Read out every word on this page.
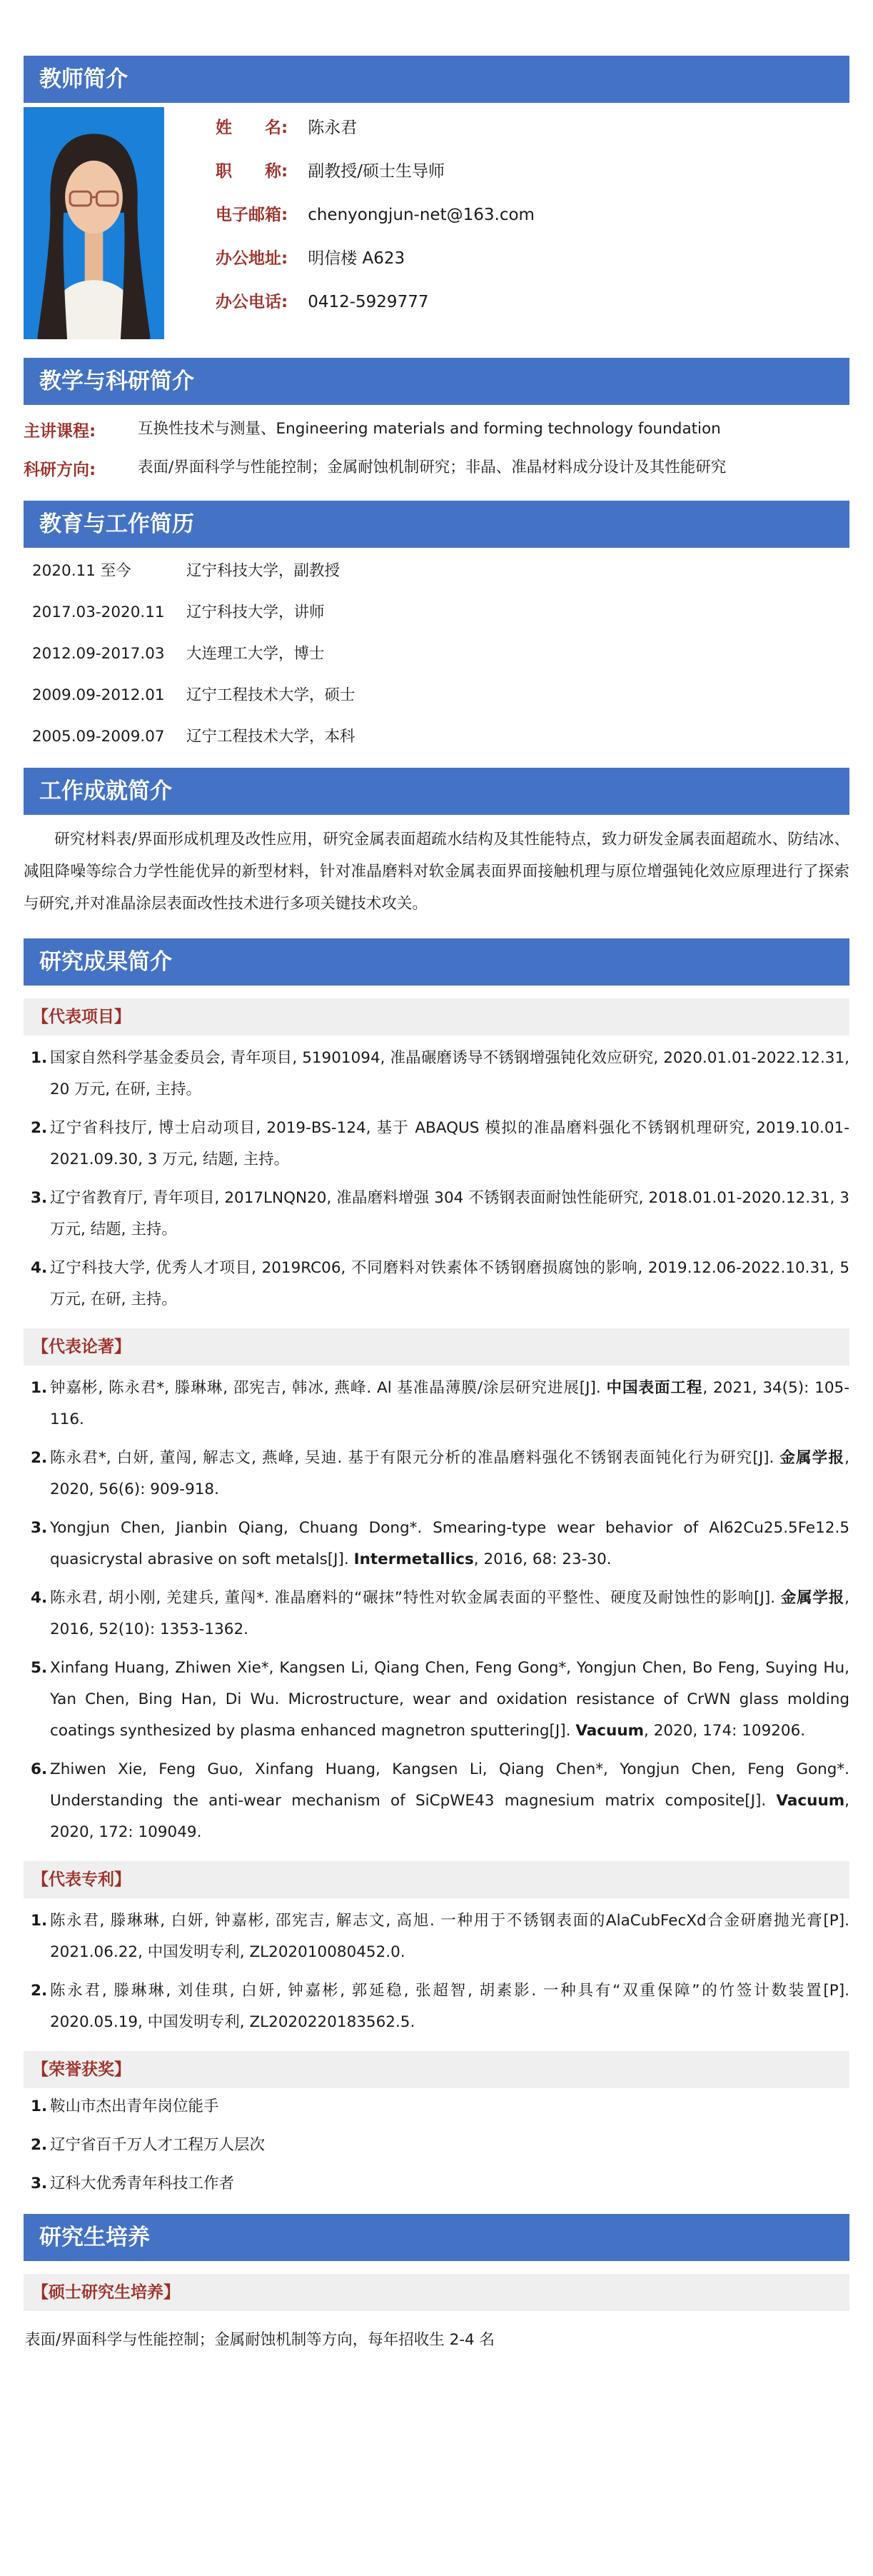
教师简介
姓　　名: 陈永君
职　　称: 副教授/硕士生导师
电子邮箱: chenyongjun-net@163.com
办公地址: 明信楼 A623
办公电话: 0412-5929777
教学与科研简介
主讲课程:	互换性技术与测量、Engineering materials and forming technology foundation
科研方向:	表面/界面科学与性能控制；金属耐蚀机制研究；非晶、准晶材料成分设计及其性能研究
教育与工作简历
2020.11 至今	辽宁科技大学，副教授
2017.03-2020.11	辽宁科技大学，讲师
2012.09-2017.03	大连理工大学，博士
2009.09-2012.01	辽宁工程技术大学，硕士
2005.09-2009.07	辽宁工程技术大学，本科
工作成就简介

研究材料表/界面形成机理及改性应用，研究金属表面超疏水结构及其性能特点，致力研发金属表面超疏水、防结冰、减阻降噪等综合力学性能优异的新型材料，针对准晶磨料对软金属表面界面接触机理与原位增强钝化效应原理进行了探索与研究,并对准晶涂层表面改性技术进行多项关键技术攻关。

研究成果简介
【代表项目】
1. 国家自然科学基金委员会, 青年项目, 51901094, 准晶碾磨诱导不锈钢增强钝化效应研究, 2020.01.01-2022.12.31, 20 万元, 在研, 主持。
2. 辽宁省科技厅, 博士启动项目, 2019-BS-124, 基于 ABAQUS 模拟的准晶磨料强化不锈钢机理研究, 2019.10.01-2021.09.30, 3 万元, 结题, 主持。
3. 辽宁省教育厅, 青年项目, 2017LNQN20, 准晶磨料增强 304 不锈钢表面耐蚀性能研究, 2018.01.01-2020.12.31, 3 万元, 结题, 主持。
4. 辽宁科技大学, 优秀人才项目, 2019RC06, 不同磨料对铁素体不锈钢磨损腐蚀的影响, 2019.12.06-2022.10.31, 5 万元, 在研, 主持。
【代表论著】
1. 钟嘉彬, 陈永君*, 滕琳琳, 邵宪吉, 韩冰, 燕峰. Al 基准晶薄膜/涂层研究进展[J]. 中国表面工程, 2021, 34(5): 105-116.
2. 陈永君*, 白妍, 董闯, 解志文, 燕峰, 吴迪. 基于有限元分析的准晶磨料强化不锈钢表面钝化行为研究[J]. 金属学报, 2020, 56(6): 909-918.
3. Yongjun Chen, Jianbin Qiang, Chuang Dong*. Smearing-type wear behavior of Al62Cu25.5Fe12.5 quasicrystal abrasive on soft metals[J]. Intermetallics, 2016, 68: 23-30.
4. 陈永君, 胡小刚, 羌建兵, 董闯*. 准晶磨料的“碾抹”特性对软金属表面的平整性、硬度及耐蚀性的影响[J]. 金属学报, 2016, 52(10): 1353-1362.
5. Xinfang Huang, Zhiwen Xie*, Kangsen Li, Qiang Chen, Feng Gong*, Yongjun Chen, Bo Feng, Suying Hu, Yan Chen, Bing Han, Di Wu. Microstructure, wear and oxidation resistance of CrWN glass molding coatings synthesized by plasma enhanced magnetron sputtering[J]. Vacuum, 2020, 174: 109206.
6. Zhiwen Xie, Feng Guo, Xinfang Huang, Kangsen Li, Qiang Chen*, Yongjun Chen, Feng Gong*. Understanding the anti-wear mechanism of SiCpWE43 magnesium matrix composite[J]. Vacuum, 2020, 172: 109049.
【代表专利】
1. 陈永君, 滕琳琳, 白妍, 钟嘉彬, 邵宪吉, 解志文, 高旭. 一种用于不锈钢表面的AlaCubFecXd合金研磨抛光膏[P]. 2021.06.22, 中国发明专利, ZL202010080452.0.
2. 陈永君, 滕琳琳, 刘佳琪, 白妍, 钟嘉彬, 郭延稳, 张超智, 胡素影. 一种具有“双重保障”的竹签计数装置[P]. 2020.05.19, 中国发明专利, ZL2020220183562.5.
【荣誉获奖】
1. 鞍山市杰出青年岗位能手
2. 辽宁省百千万人才工程万人层次
3. 辽科大优秀青年科技工作者
研究生培养
【硕士研究生培养】

表面/界面科学与性能控制；金属耐蚀机制等方向，每年招收生 2-4 名
